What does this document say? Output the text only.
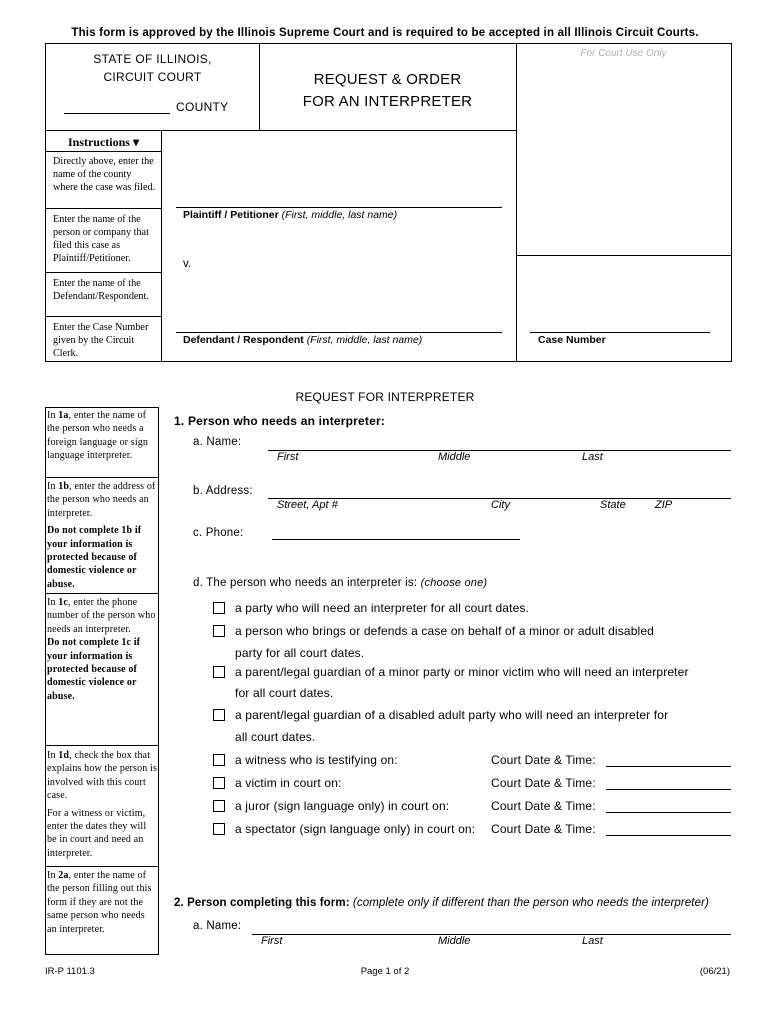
This form is approved by the Illinois Supreme Court and is required to be accepted in all Illinois Circuit Courts.
STATE OF ILLINOIS,
CIRCUIT COURT
COUNTY
REQUEST & ORDER
FOR AN INTERPRETER
For Court Use Only
Instructions ▾
Directly above, enter the name of the county where the case was filed.
Enter the name of the person or company that filed this case as Plaintiff/Petitioner.
Enter the name of the Defendant/Respondent.
Enter the Case Number given by the Circuit Clerk.
Plaintiff / Petitioner (First, middle, last name)
v.
Defendant / Respondent (First, middle, last name)	Case Number
REQUEST FOR INTERPRETER

In 1a, enter the name of the person who needs a foreign language or sign language interpreter.

In 1b, enter the address of the person who needs an interpreter.

Do not complete 1b if your information is protected because of domestic violence or abuse.

In 1c, enter the phone number of the person who needs an interpreter.

Do not complete 1c if your information is protected because of domestic violence or abuse.

In 1d, check the box that explains how the person is involved with this court case.

For a witness or victim, enter the dates they will be in court and need an interpreter.

In 2a, enter the name of the person filling out this form if they are not the same person who needs an interpreter.

1. Person who needs an interpreter:
a. Name:
First	Middle	Last
b. Address:
Street, Apt #	City	State	ZIP
c. Phone:
d. The person who needs an interpreter is: (choose one)
a party who will need an interpreter for all court dates.
a person who brings or defends a case on behalf of a minor or adult disabled
party for all court dates.
a parent/legal guardian of a minor party or minor victim who will need an interpreter
for all court dates.
a parent/legal guardian of a disabled adult party who will need an interpreter for
all court dates.
a witness who is testifying on:	Court Date & Time:
a victim in court on:	Court Date & Time:
a juror (sign language only) in court on:	Court Date & Time:
a spectator (sign language only) in court on: Court Date & Time:
2. Person completing this form: (complete only if different than the person who needs the interpreter)
a. Name:
First	Middle	Last
IR-P 1101.3	Page 1 of 2	(06/21)
